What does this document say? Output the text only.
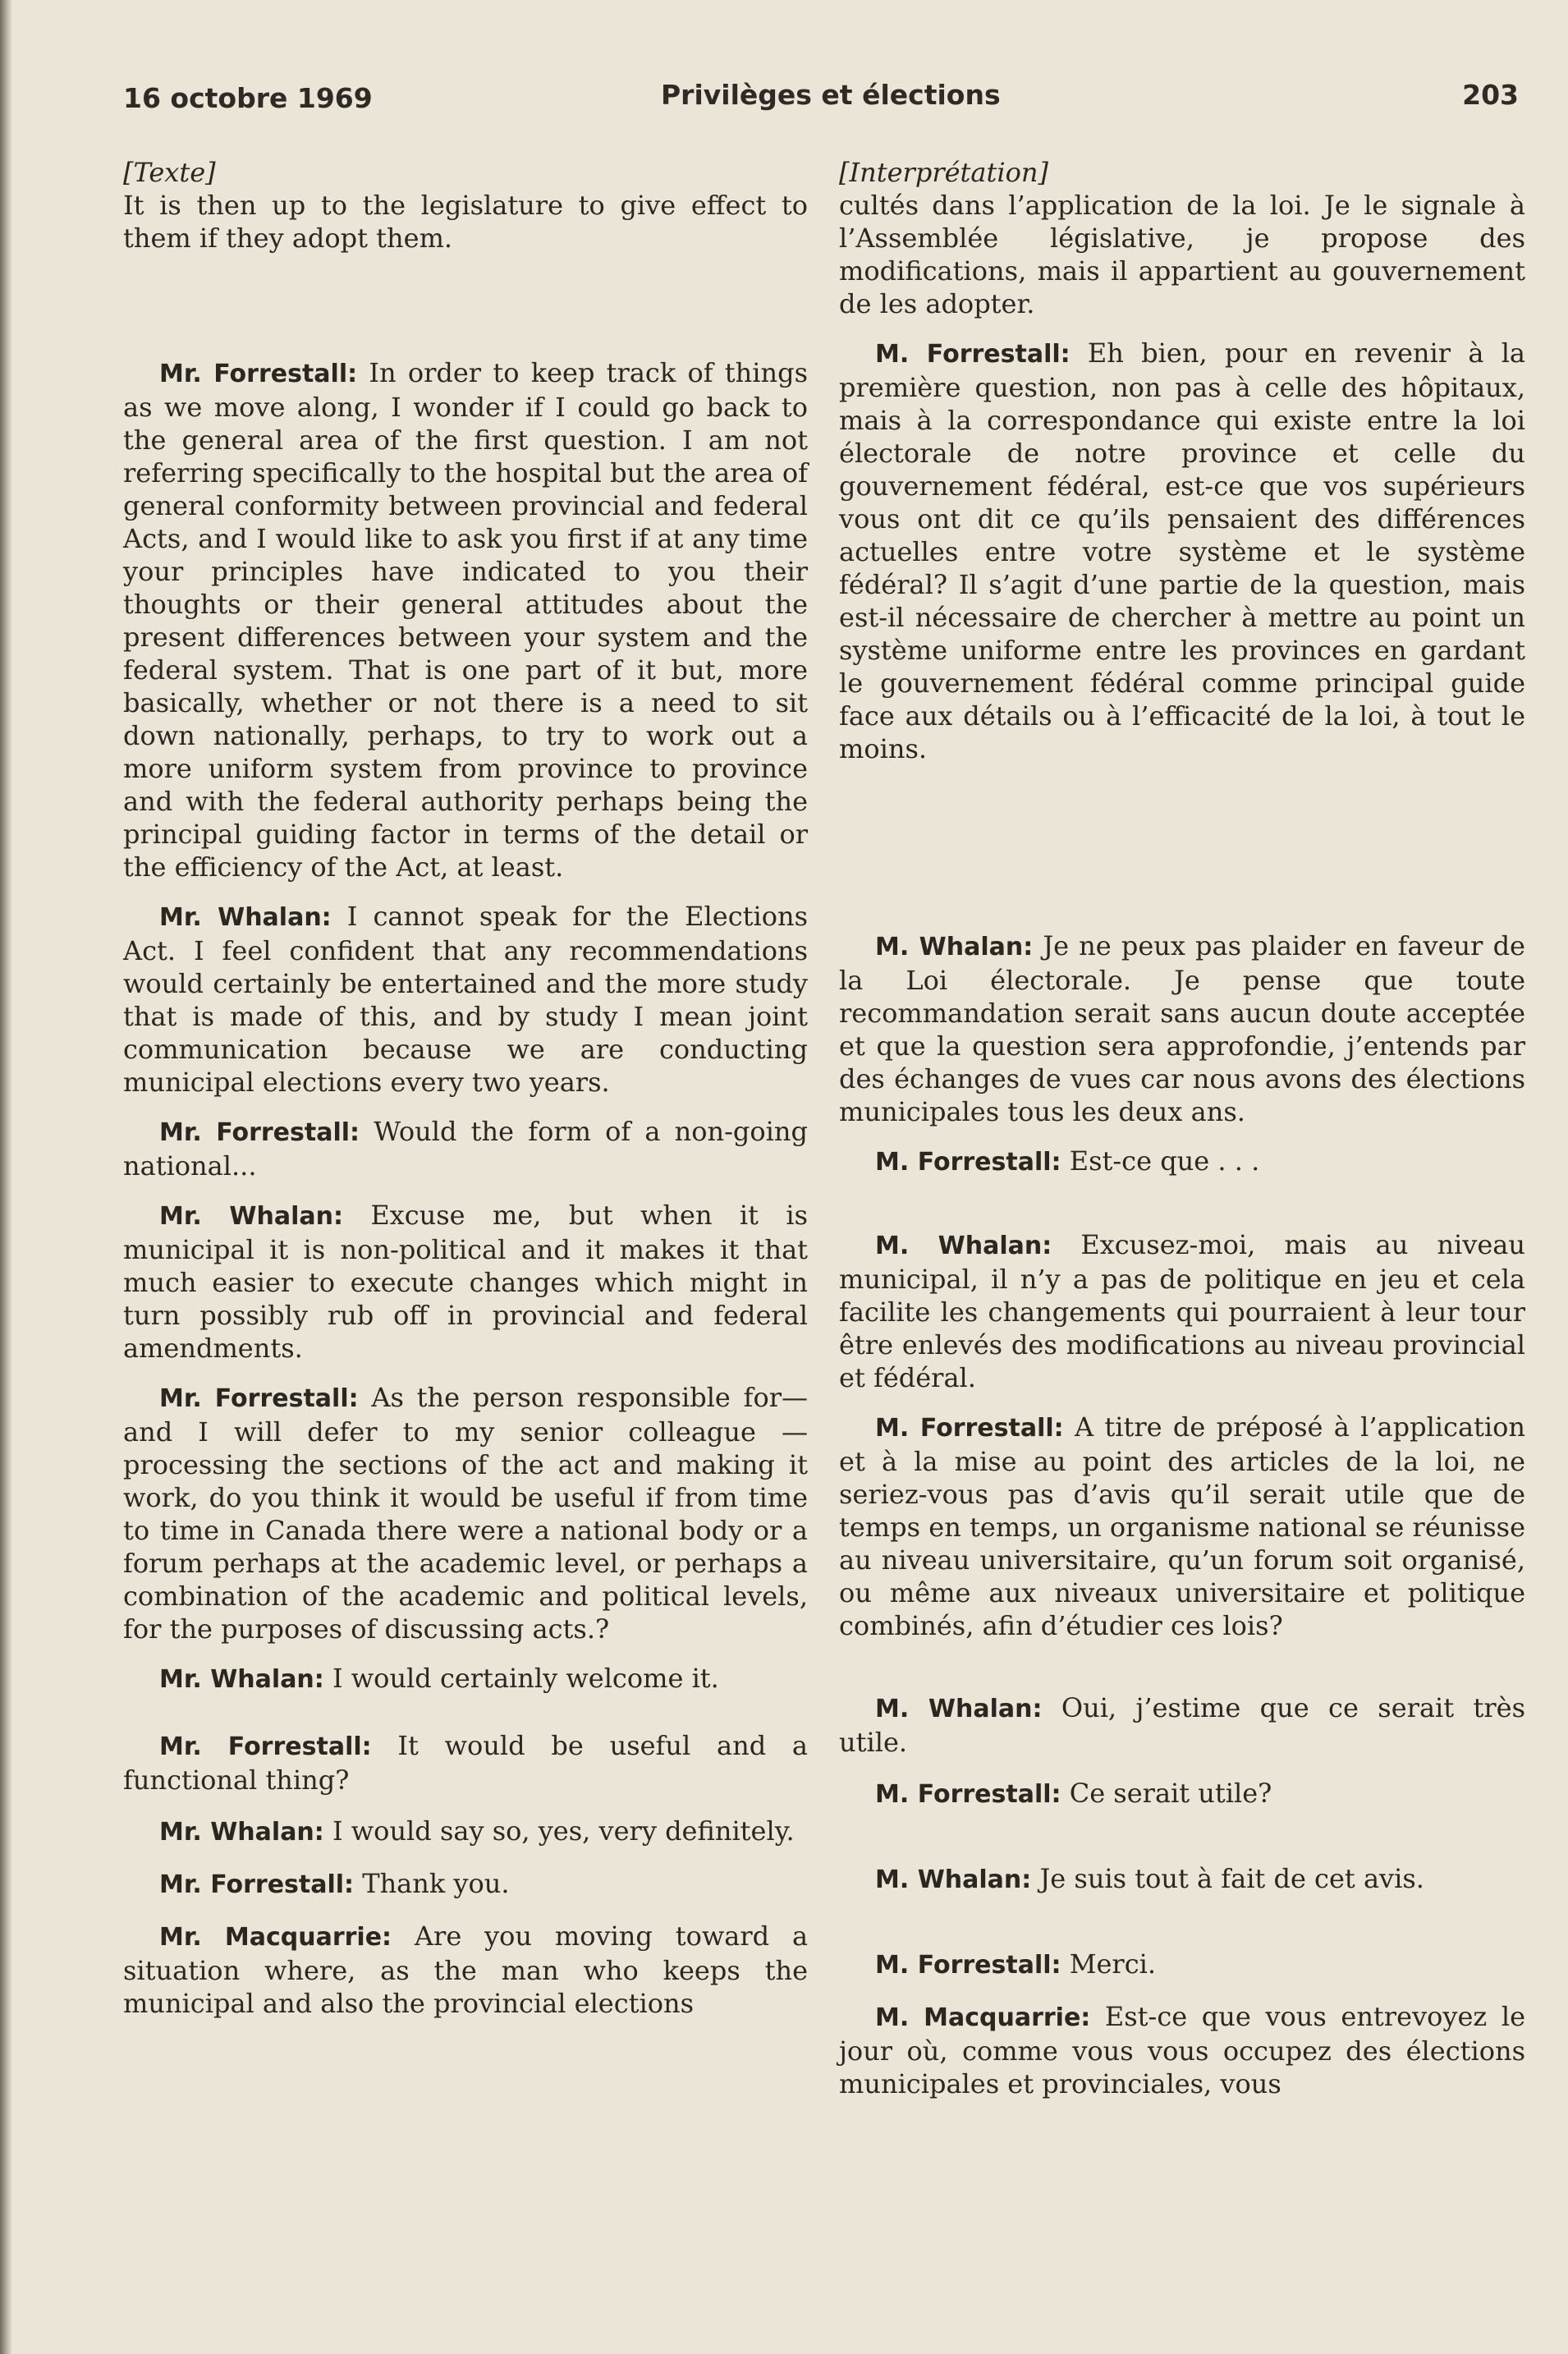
16 octobre 1969	Privilèges et élections	203

[Texte]

It is then up to the legislature to give effect to them if they adopt them.

Mr. Forrestall: In order to keep track of things as we move along, I wonder if I could go back to the general area of the first question. I am not referring specifically to the hospital but the area of general conformity between provincial and federal Acts, and I would like to ask you first if at any time your principles have indicated to you their thoughts or their general attitudes about the present differences between your system and the federal system. That is one part of it but, more basically, whether or not there is a need to sit down nationally, perhaps, to try to work out a more uniform system from province to province and with the federal authority perhaps being the principal guiding factor in terms of the detail or the efficiency of the Act, at least.

Mr. Whalan: I cannot speak for the Elections Act. I feel confident that any recommendations would certainly be entertained and the more study that is made of this, and by study I mean joint communication because we are conducting municipal elections every two years.

Mr. Forrestall: Would the form of a non-going national...

Mr. Whalan: Excuse me, but when it is municipal it is non-political and it makes it that much easier to execute changes which might in turn possibly rub off in provincial and federal amendments.

Mr. Forrestall: As the person responsible for—and I will defer to my senior colleague —processing the sections of the act and making it work, do you think it would be useful if from time to time in Canada there were a national body or a forum perhaps at the academic level, or perhaps a combination of the academic and political levels, for the purposes of discussing acts.?

Mr. Whalan: I would certainly welcome it.

Mr. Forrestall: It would be useful and a functional thing?

Mr. Whalan: I would say so, yes, very definitely.

Mr. Forrestall: Thank you.

Mr. Macquarrie: Are you moving toward a situation where, as the man who keeps the municipal and also the provincial elections

[Interprétation]

cultés dans l’application de la loi. Je le signale à l’Assemblée législative, je propose des modifications, mais il appartient au gouvernement de les adopter.

M. Forrestall: Eh bien, pour en revenir à la première question, non pas à celle des hôpitaux, mais à la correspondance qui existe entre la loi électorale de notre province et celle du gouvernement fédéral, est-ce que vos supérieurs vous ont dit ce qu’ils pensaient des différences actuelles entre votre système et le système fédéral? Il s’agit d’une partie de la question, mais est-il nécessaire de chercher à mettre au point un système uniforme entre les provinces en gardant le gouvernement fédéral comme principal guide face aux détails ou à l’efficacité de la loi, à tout le moins.

M. Whalan: Je ne peux pas plaider en faveur de la Loi électorale. Je pense que toute recommandation serait sans aucun doute acceptée et que la question sera approfondie, j’entends par des échanges de vues car nous avons des élections municipales tous les deux ans.

M. Forrestall: Est-ce que . . .

M. Whalan: Excusez-moi, mais au niveau municipal, il n’y a pas de politique en jeu et cela facilite les changements qui pourraient à leur tour être enlevés des modifications au niveau provincial et fédéral.

M. Forrestall: A titre de préposé à l’application et à la mise au point des articles de la loi, ne seriez-vous pas d’avis qu’il serait utile que de temps en temps, un organisme national se réunisse au niveau universitaire, qu’un forum soit organisé, ou même aux niveaux universitaire et politique combinés, afin d’étudier ces lois?

M. Whalan: Oui, j’estime que ce serait très utile.

M. Forrestall: Ce serait utile?

M. Whalan: Je suis tout à fait de cet avis.

M. Forrestall: Merci.

M. Macquarrie: Est-ce que vous entrevoyez le jour où, comme vous vous occupez des élections municipales et provinciales, vous
